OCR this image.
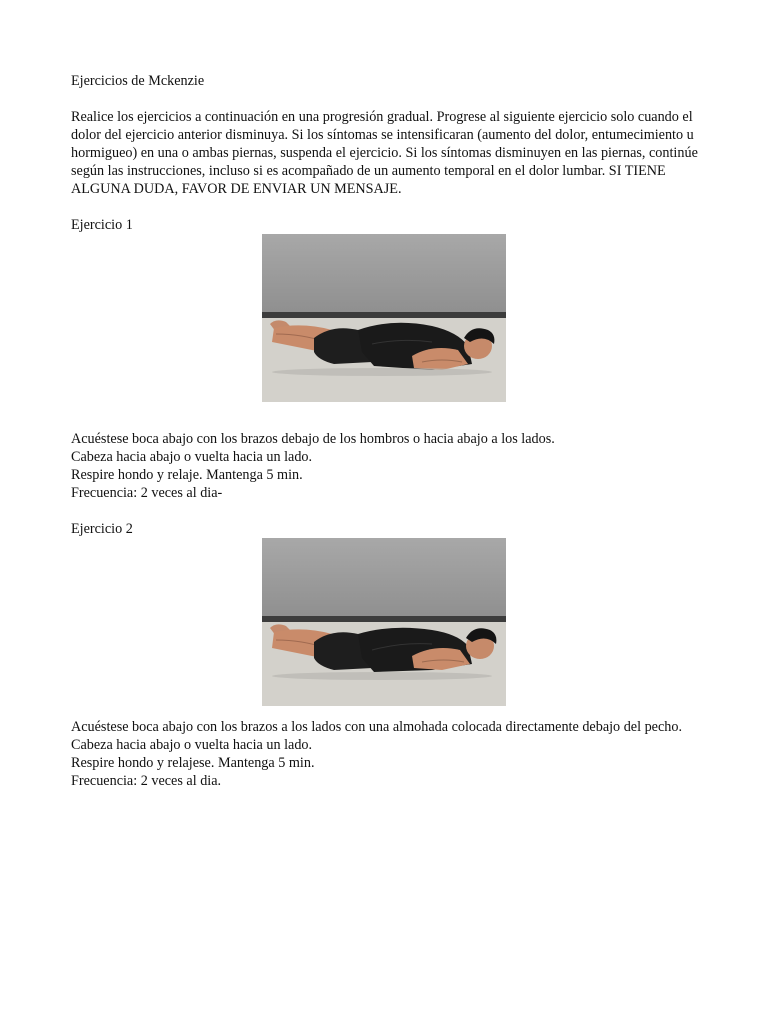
Ejercicios de Mckenzie

Realice los ejercicios a continuación en una progresión gradual. Progrese al siguiente ejercicio solo cuando el dolor del ejercicio anterior disminuya. Si los síntomas se intensificaran (aumento del dolor, entumecimiento u hormigueo) en una o ambas piernas, suspenda el ejercicio. Si los síntomas disminuyen en las piernas, continúe según las instrucciones, incluso si es acompañado de un aumento temporal en el dolor lumbar. SI TIENE ALGUNA DUDA, FAVOR DE ENVIAR UN MENSAJE.

Ejercicio 1

Acuéstese boca abajo con los brazos debajo de los hombros o hacia abajo a los lados.

Cabeza hacia abajo o vuelta hacia un lado.

Respire hondo y relaje. Mantenga 5 min.

Frecuencia: 2 veces al dia-

Ejercicio 2

Acuéstese boca abajo con los brazos a los lados con una almohada colocada directamente debajo del pecho.

Cabeza hacia abajo o vuelta hacia un lado.

Respire hondo y relajese. Mantenga 5 min.

Frecuencia: 2 veces al dia.
